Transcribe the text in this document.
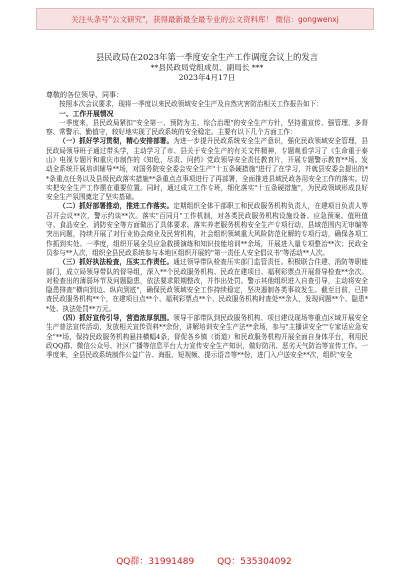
关注头条号"公文研究"，获得最新最全最专业的公文资料库！ 微信：gongwenxj
县民政局在2023年第一季度安全生产工作调度会议上的发言
**县民政局党组成员、副局长 ***
2023年4月17日
尊敬的各位领导、同事：

按照本次会议要求，现将一季度以来民政领域安全生产及自然灾害防治相关工作报告如下：

一、工作开展情况

一季度来，县民政局紧扣"安全第一、预防为主、综合治理"的安全生产方针，坚持重宣传、强管理、多督察、常警示、勤值守，较好地实现了民政系统的安全稳定。主要有以下几个方面工作：

（一）抓好学习贯彻，精心安排部署。为进一步提升民政系统安全生产意识，强化民政领域安全管理，县民政局领导班子通过带头学，主动学习了市、县关于安全生产的有关文件精神，专题观看学习了《生命重于泰山》电视专题片和重庆市制作的《知危、尽责、问药》党政领导安全责任教育片，开展专题警示教育**场。发动全系统开展培训辅导**场，对国务院安全委会安全生产"十五条硬措施"进行了在学习，并就县安委会提出的**条重点任务以及县级民政落实措施**条重点点事项进行了再部署，全面推进县域民政各用安全工作的落实。切实把安全生产工作摆在重要位置。同时，通过成立工作专班，细化落实"十五条硬措施"，为民政领域形成良好安全生产氛围奠定了坚实基础。

（二）抓好部署推动，推进工作落实。定期组织全体干部职工和民政服务机构负责人，在建项目负责人等召开会议**次，警示约谈**次。落实"百同月"工作机制，对各类民政服务机构设施设备、应急预案、值班值守、食品安全、消防安全等方面做出了具体要求。落实养老服务机构安全生产专项行动，县域范围内无审编等突出问题，持续开展了对行业协会商业及民营机构，社会组织领域重大风险防范化解的专项行动，确保各项工作抓到实处。一季度，组织开展全员应急救援演练和知识技能培训**余场，开展进入量专项整治**次；民政全员参与**人次，组织全县民政系统参与本地区组织开展的"第一责任人安全倡议书"等活动**人次。

（三）抓好执法检查，压实工作责任。通过领导带队检查压实部门监管责任。积极联合住建、消防等职能部门，成立局领导带队的督导组，深入**个民政服务机构、民政在建项目、福利彩票点开展督导检查**余次。对检查出的薄弱环节及问题隐患，依法要求限期整改，并作出处罚。警示其他组织进入自查引导，主动将安全隐患排查"横向到边、纵向到底"，确保民政领域安全工作持续稳定，坚决遏制各类事故发生。截至目前，已排查民政服务机构**个，在建项目点**个、福利彩票点**个、民政服务机构时查处**余人，发现问题**个、隐患**处、执法处罚**万元。

（四）抓好宣传引导，营造浓厚氛围。领导干部带队到民政服务机构、项目建设现场等重点区域开展安全生产普法宣传活动，发放相关宣传资料**余份，讲解培训安全生产法**余场，参与"主播讲安全""专家话应急安全"**场，保持民政服务机构悬挂横幅4条，督促各乡镇（街道）和民政服务机构开展全面自身体平台，利用民政QQ群、微信公众号、社区广播等信息平台大力宣传安全生产知识，做好防汛、恶劣天气防治等宣传工作。一季度来，全县民政系统制作公益广告、海报、短视频、提示语音等**份，进门入户送安全**次，组织"安全

QQ群：31991489	QQ：535304092
